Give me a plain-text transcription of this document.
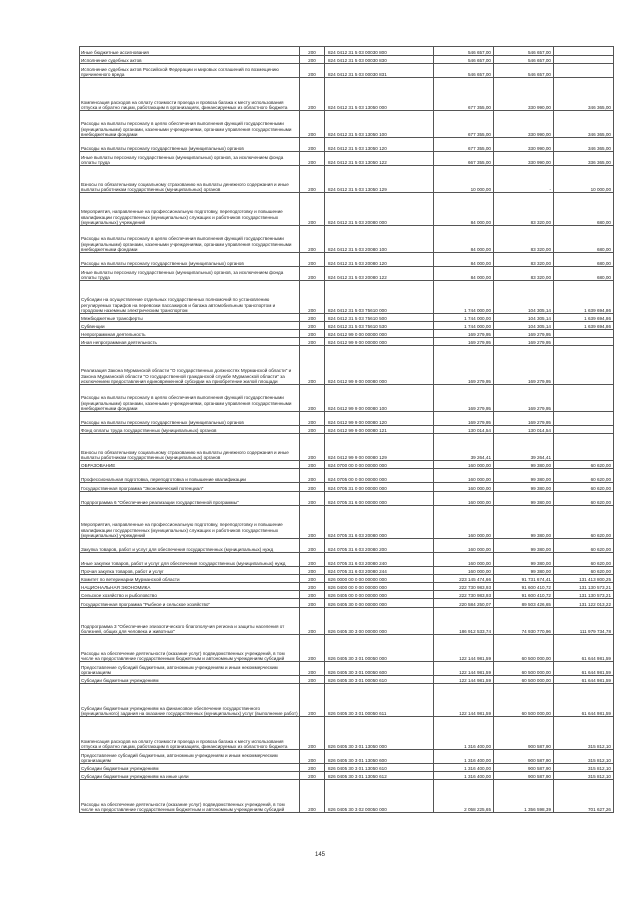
Иные бюджетные ассигнования	200	824 0412 31 5 03 00030 800	546 657,00	546 657,00	
Исполнение судебных актов	200	824 0412 31 5 03 00030 830	546 657,00	546 657,00	
Исполнение судебных актов Российской Федерации и мировых соглашений по возмещению причиненного вреда	200	824 0412 31 5 03 00030 831	546 657,00	546 657,00	
Компенсация расходов на оплату стоимости проезда и провоза багажа к месту использования отпуска и обратно лицам, работающим в организациях, финансируемых из областного бюджета	200	824 0412 31 5 03 13050 000	677 355,00	330 990,00	346 365,00
Расходы на выплаты персоналу в целях обеспечения выполнения функций государственными (муниципальными) органами, казенными учреждениями, органами управления государственными внебюджетными фондами	200	824 0412 31 5 03 13050 100	677 355,00	330 990,00	346 365,00
Расходы на выплаты персоналу государственных (муниципальных) органов	200	824 0412 31 5 03 13050 120	677 355,00	330 990,00	346 365,00
Иные выплаты персоналу государственных (муниципальных) органов, за исключением фонда оплаты труда	200	824 0412 31 5 03 13050 122	667 355,00	330 990,00	336 365,00
Взносы по обязательному социальному страхованию на выплаты денежного содержания и иные выплаты работникам государственных (муниципальных) органов	200	824 0412 31 5 03 13050 129	10 000,00	-	10 000,00
Мероприятия, направленные на профессиональную подготовку, переподготовку и повышение квалификации государственных (муниципальных) служащих и работников государственных (муниципальных) учреждений	200	824 0412 31 5 03 20080 000	84 000,00	83 320,00	680,00
Расходы на выплаты персоналу в целях обеспечения выполнения функций государственными (муниципальными) органами, казенными учреждениями, органами управления государственными внебюджетными фондами	200	824 0412 31 5 03 20080 100	84 000,00	83 320,00	680,00
Расходы на выплаты персоналу государственных (муниципальных) органов	200	824 0412 31 5 03 20080 120	84 000,00	83 320,00	680,00
Иные выплаты персоналу государственных (муниципальных) органов, за исключением фонда оплаты труда	200	824 0412 31 5 03 20080 122	84 000,00	83 320,00	680,00
Субсидии на осуществление отдельных государственных полномочий по установлению регулируемых тарифов на перевозки пассажиров и багажа автомобильным транспортом и городским наземным электрическим транспортом	200	824 0412 31 5 03 75610 000	1 744 000,00	104 305,14	1 639 694,86
Межбюджетные трансферты	200	824 0412 31 5 03 75610 500	1 744 000,00	104 305,14	1 639 694,86
Субвенции	200	824 0412 31 5 03 75610 530	1 744 000,00	104 305,14	1 639 694,86
Непрограммная деятельность	200	824 0412 99 0 00 00000 000	169 279,95	169 279,95	
Иная непрограммная деятельность	200	824 0412 99 9 00 00000 000	169 279,95	169 279,95	
Реализация Закона Мурманской области "О государственных должностях Мурманской области" и Закона Мурманской области "О государственной гражданской службе Мурманской области" за исключением предоставления единовременной субсидии на приобретение жилой площади	200	824 0412 99 9 00 00080 000	169 279,95	169 279,95	
Расходы на выплаты персоналу в целях обеспечения выполнения функций государственными (муниципальными) органами, казенными учреждениями, органами управления государственными внебюджетными фондами	200	824 0412 99 9 00 00080 100	169 279,95	169 279,95	
Расходы на выплаты персоналу государственных (муниципальных) органов	200	824 0412 99 9 00 00080 120	169 279,95	169 279,95	
Фонд оплаты труда государственных (муниципальных) органов	200	824 0412 99 9 00 00080 121	130 014,54	130 014,54	
Взносы по обязательному социальному страхованию на выплаты денежного содержания и иные выплаты работникам государственных (муниципальных) органов	200	824 0412 99 9 00 00080 129	39 264,41	39 264,41	
ОБРАЗОВАНИЕ	200	824 0700 00 0 00 00000 000	160 000,00	99 380,00	60 620,00
Профессиональная подготовка, переподготовка и повышение квалификации	200	824 0705 00 0 00 00000 000	160 000,00	99 380,00	60 620,00
Государственная программа "Экономический потенциал"	200	824 0705 31 0 00 00000 000	160 000,00	99 380,00	60 620,00
Подпрограмма 6 "Обеспечение реализации государственной программы"	200	824 0705 31 6 00 00000 000	160 000,00	99 380,00	60 620,00
Мероприятия, направленные на профессиональную подготовку, переподготовку и повышение квалификации государственных (муниципальных) служащих и работников государственных (муниципальных) учреждений	200	824 0705 31 6 03 20080 000	160 000,00	99 380,00	60 620,00
Закупка товаров, работ и услуг для обеспечения государственных (муниципальных) нужд	200	824 0705 31 6 03 20080 200	160 000,00	99 380,00	60 620,00
Иные закупки товаров, работ и услуг для обеспечения государственных (муниципальных) нужд	200	824 0705 31 6 03 20080 240	160 000,00	99 380,00	60 620,00
Прочая закупка товаров, работ и услуг	200	824 0705 31 6 03 20080 244	160 000,00	99 380,00	60 620,00
Комитет по ветеринарии Мурманской области	200	826 0000 00 0 00 00000 000	223 145 474,66	91 731 674,41	131 413 800,25
НАЦИОНАЛЬНАЯ ЭКОНОМИКА	200	826 0400 00 0 00 00000 000	222 730 983,93	91 600 410,72	131 130 573,21
Сельское хозяйство и рыболовство	200	826 0405 00 0 00 00000 000	222 730 983,93	91 600 410,72	131 130 573,21
Государственная программа "Рыбное и сельское хозяйство"	200	826 0405 30 0 00 00000 000	220 584 250,07	89 503 426,65	131 122 013,22
Подпрограмма 3 "Обеспечение эпизоотического благополучия региона и защиты населения от болезней, общих для человека и животных"	200	826 0405 30 3 00 00000 000	186 912 533,74	74 930 770,96	111 979 734,78
Расходы на обеспечение деятельности (оказание услуг) подведомственных учреждений, в том числе на предоставление государственным бюджетным и автономным учреждениям субсидий	200	826 0405 30 3 01 00050 000	122 144 981,59	60 500 000,00	61 644 981,59
Предоставление субсидий бюджетным, автономным учреждениям и иным некоммерческим организациям	200	826 0405 30 3 01 00050 600	122 144 981,59	60 500 000,00	61 644 981,59
Субсидии бюджетным учреждениям	200	826 0405 30 3 01 00050 610	122 144 981,59	60 500 000,00	61 644 981,59
Субсидии бюджетным учреждениям на финансовое обеспечение государственного (муниципального) задания на оказание государственных (муниципальных) услуг (выполнение работ)	200	826 0405 30 3 01 00050 611	122 144 981,59	60 500 000,00	61 644 981,59
Компенсация расходов на оплату стоимости проезда и провоза багажа к месту использования отпуска и обратно лицам, работающим в организациях, финансируемых из областного бюджета	200	826 0405 30 3 01 13050 000	1 316 400,00	900 587,90	315 812,10
Предоставление субсидий бюджетным, автономным учреждениям и иным некоммерческим организациям	200	826 0405 30 3 01 13050 600	1 316 400,00	900 587,90	315 812,10
Субсидии бюджетным учреждениям	200	826 0405 30 3 01 13050 610	1 316 400,00	900 587,90	315 812,10
Субсидии бюджетным учреждениям на иные цели	200	826 0405 30 3 01 13050 612	1 316 400,00	900 587,90	315 812,10
Расходы на обеспечение деятельности (оказание услуг) подведомственных учреждений, в том числе на предоставление государственным бюджетным и автономным учреждениям субсидий	200	826 0405 30 3 02 00050 000	2 058 225,65	1 356 598,39	701 627,26
145
